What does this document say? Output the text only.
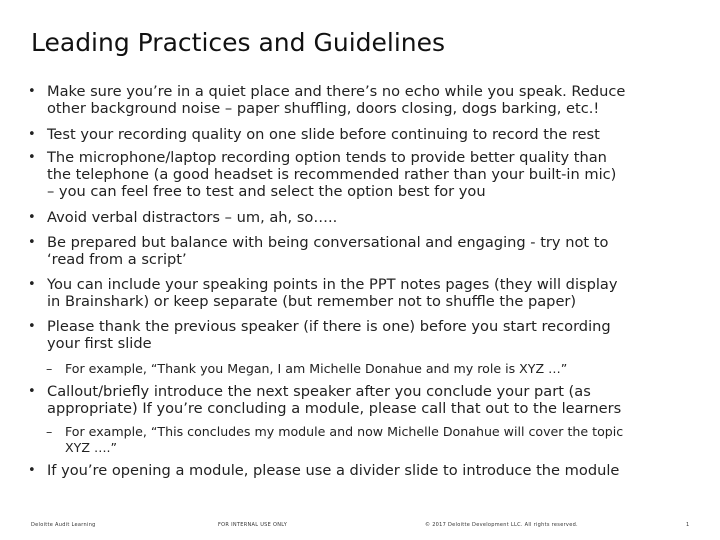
Leading Practices and Guidelines
• Make sure you’re in a quiet place and there’s no echo while you speak. Reduce
other background noise – paper shuffling, doors closing, dogs barking, etc.!
• Test your recording quality on one slide before continuing to record the rest
• The microphone/laptop recording option tends to provide better quality than
the telephone (a good headset is recommended rather than your built-in mic)
– you can feel free to test and select the option best for you
• Avoid verbal distractors – um, ah, so…..
• Be prepared but balance with being conversational and engaging - try not to
‘read from a script’
• You can include your speaking points in the PPT notes pages (they will display
in Brainshark) or keep separate (but remember not to shuffle the paper)
• Please thank the previous speaker (if there is one) before you start recording
your first slide
– For example, “Thank you Megan, I am Michelle Donahue and my role is XYZ …”
• Callout/briefly introduce the next speaker after you conclude your part (as
appropriate) If you’re concluding a module, please call that out to the learners
– For example, “This concludes my module and now Michelle Donahue will cover the topic
XYZ ….”
• If you’re opening a module, please use a divider slide to introduce the module
Deloitte Audit Learning	FOR INTERNAL USE ONLY	© 2017 Deloitte Development LLC. All rights reserved.	1
